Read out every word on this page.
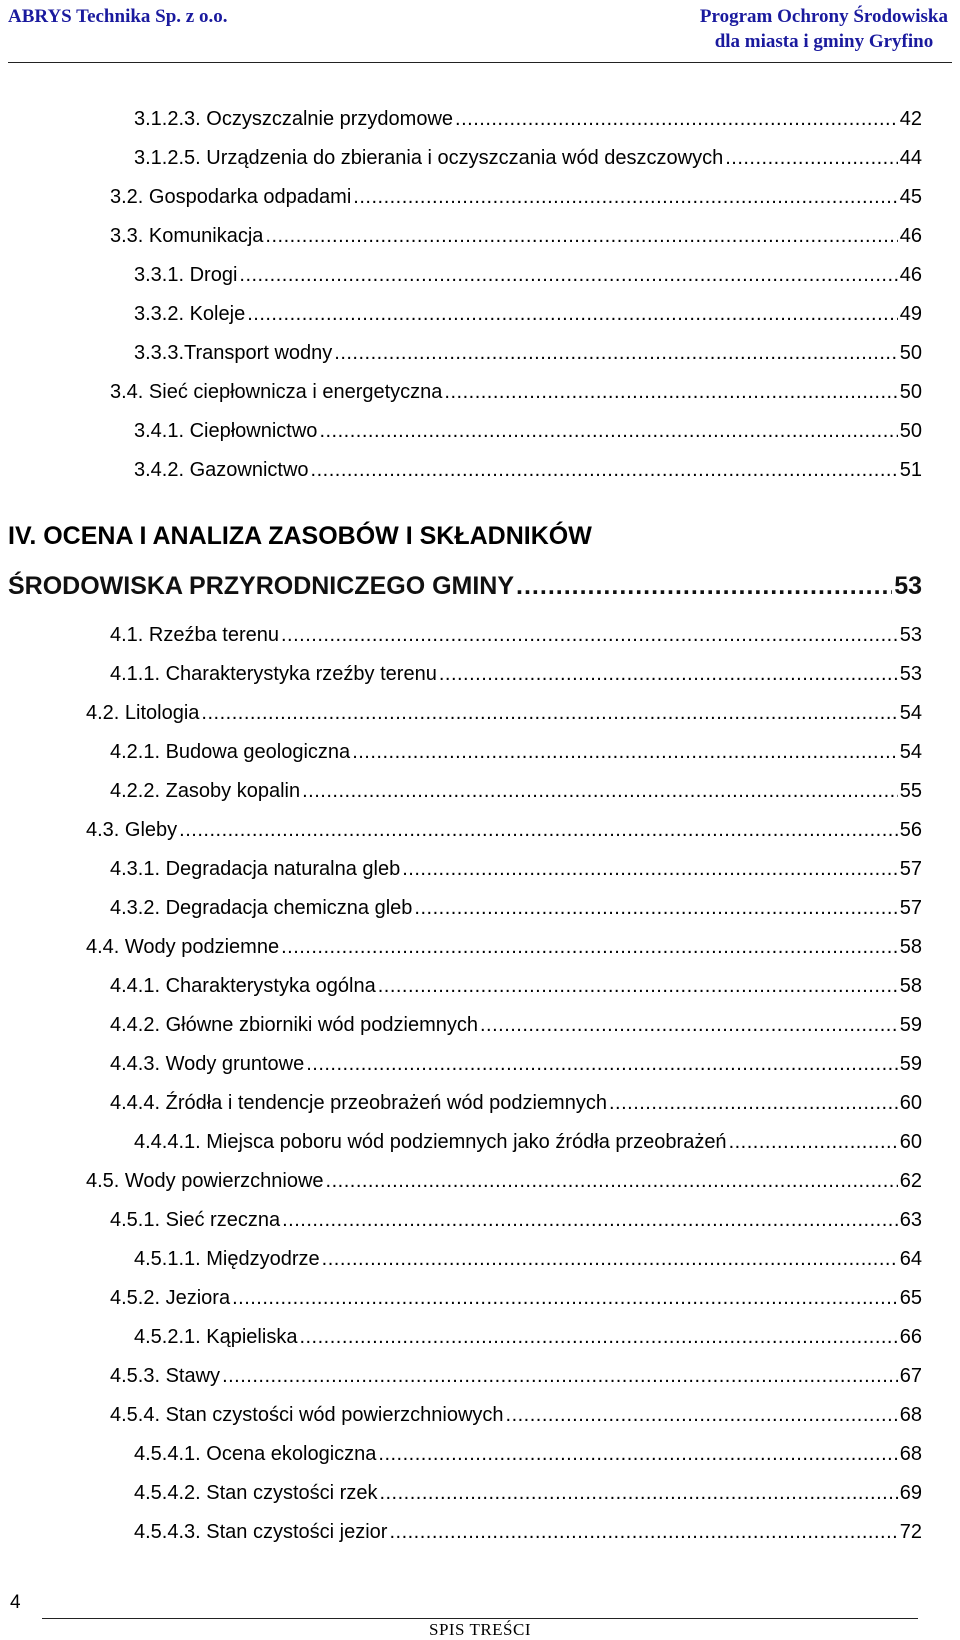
ABRYS Technika Sp. z o.o.	Program Ochrony Środowiska
dla miasta i gminy Gryfino
3.1.2.3. Oczyszczalnie przydomowe .....	42
3.1.2.5. Urządzenia do zbierania i oczyszczania wód deszczowych .....	44
3.2. Gospodarka odpadami .....	45
3.3. Komunikacja .....	46
3.3.1. Drogi .....	46
3.3.2. Koleje .....	49
3.3.3.Transport wodny .....	50
3.4. Sieć ciepłownicza i energetyczna .....	50
3.4.1. Ciepłownictwo .....	50
3.4.2. Gazownictwo .....	51
IV. OCENA I ANALIZA ZASOBÓW I SKŁADNIKÓW
ŚRODOWISKA PRZYRODNICZEGO GMINY .....	53
4.1. Rzeźba terenu .....	53
4.1.1. Charakterystyka rzeźby terenu .....	53
4.2. Litologia .....	54
4.2.1. Budowa geologiczna .....	54
4.2.2. Zasoby kopalin .....	55
4.3. Gleby .....	56
4.3.1. Degradacja naturalna gleb .....	57
4.3.2. Degradacja chemiczna gleb .....	57
4.4. Wody podziemne .....	58
4.4.1. Charakterystyka ogólna .....	58
4.4.2. Główne zbiorniki wód podziemnych .....	59
4.4.3. Wody gruntowe .....	59
4.4.4. Źródła i tendencje przeobrażeń wód podziemnych .....	60
4.4.4.1. Miejsca poboru wód podziemnych jako źródła przeobrażeń .....	60
4.5. Wody powierzchniowe .....	62
4.5.1. Sieć rzeczna .....	63
4.5.1.1. Międzyodrze .....	64
4.5.2. Jeziora .....	65
4.5.2.1. Kąpieliska .....	66
4.5.3. Stawy .....	67
4.5.4. Stan czystości wód powierzchniowych .....	68
4.5.4.1. Ocena ekologiczna .....	68
4.5.4.2. Stan czystości rzek .....	69
4.5.4.3. Stan czystości jezior .....	72
4
SPIS TREŚCI
